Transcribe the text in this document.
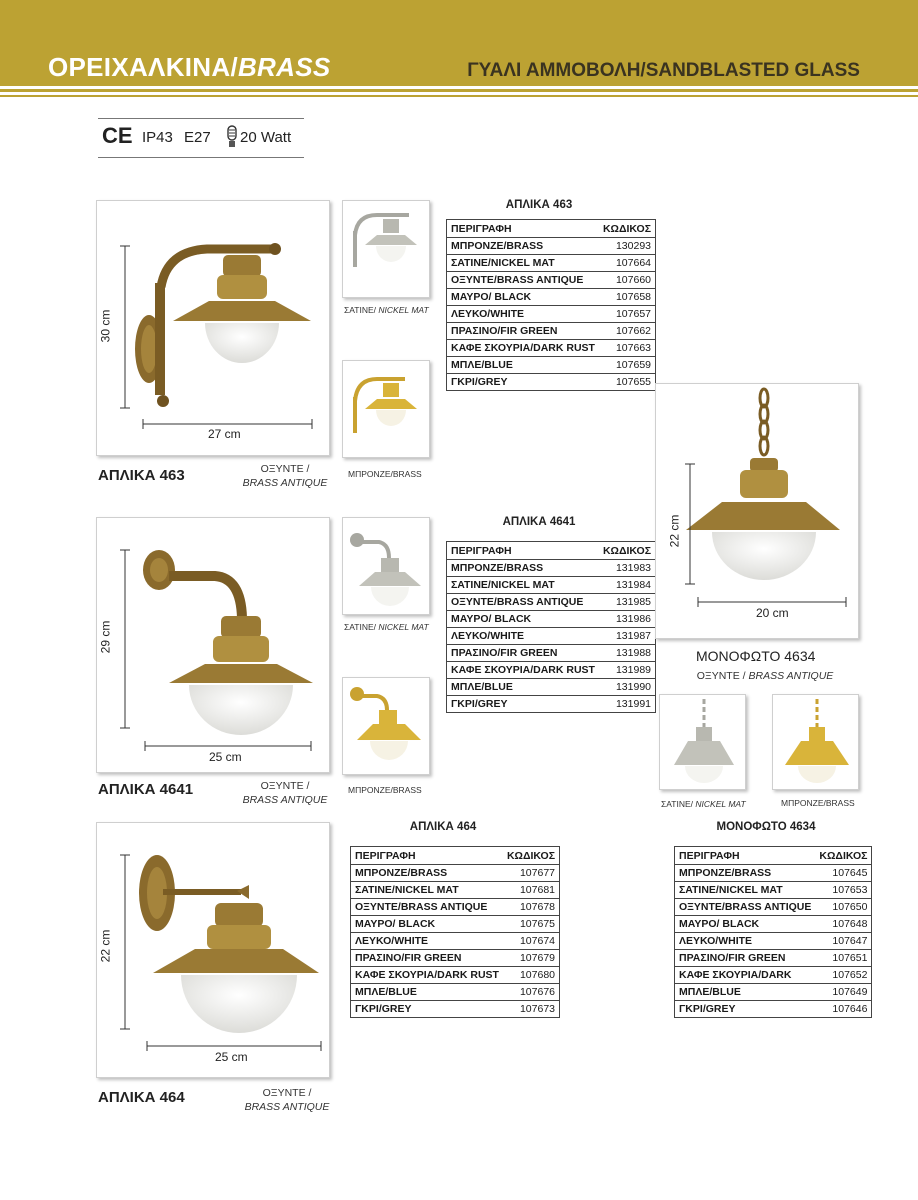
ΟΡΕΙΧΑΛΚΙΝΑ/BRASS	ΓΥΑΛΙ ΑΜΜΟΒΟΛΗ/SANDBLASTED GLASS
CE IP43 E27 20 Watt
30 cm
27 cm
ΣΑΤΙΝΕ/ NICKEL MAT
ΜΠΡΟΝΖΕ/BRASS
ΑΠΛΙΚΑ 463	ΟΞΥΝΤΕ /
BRASS ANTIQUE
ΑΠΛΙΚΑ 463
ΠΕΡΙΓΡΑΦΗ	ΚΩΔΙΚΟΣ
ΜΠΡΟΝΖΕ/BRASS	130293
ΣΑΤΙΝΕ/NICKEL MAT	107664
ΟΞΥΝΤΕ/BRASS ANTIQUE	107660
ΜΑΥΡΟ/ BLACK	107658
ΛΕΥΚΟ/WHITE	107657
ΠΡΑΣΙΝΟ/FIR GREEN	107662
ΚΑΦΕ ΣΚΟΥΡΙΑ/DARK RUST	107663
ΜΠΛΕ/BLUE	107659
ΓΚΡΙ/GREY	107655
29 cm
25 cm
ΣΑΤΙΝΕ/ NICKEL MAT
ΜΠΡΟΝΖΕ/BRASS
ΑΠΛΙΚΑ 4641	ΟΞΥΝΤΕ /
BRASS ANTIQUE
ΑΠΛΙΚΑ 4641
ΠΕΡΙΓΡΑΦΗ	ΚΩΔΙΚΟΣ
ΜΠΡΟΝΖΕ/BRASS	131983
ΣΑΤΙΝΕ/NICKEL MAT	131984
ΟΞΥΝΤΕ/BRASS ANTIQUE	131985
ΜΑΥΡΟ/ BLACK	131986
ΛΕΥΚΟ/WHITE	131987
ΠΡΑΣΙΝΟ/FIR GREEN	131988
ΚΑΦΕ ΣΚΟΥΡΙΑ/DARK RUST	131989
ΜΠΛΕ/BLUE	131990
ΓΚΡΙ/GREY	131991
22 cm
25 cm
ΑΠΛΙΚΑ 464	ΟΞΥΝΤΕ /
BRASS ANTIQUE
ΑΠΛΙΚΑ 464
ΠΕΡΙΓΡΑΦΗ	ΚΩΔΙΚΟΣ
ΜΠΡΟΝΖΕ/BRASS	107677
ΣΑΤΙΝΕ/NICKEL MAT	107681
ΟΞΥΝΤΕ/BRASS ANTIQUE	107678
ΜΑΥΡΟ/ BLACK	107675
ΛΕΥΚΟ/WHITE	107674
ΠΡΑΣΙΝΟ/FIR GREEN	107679
ΚΑΦΕ ΣΚΟΥΡΙΑ/DARK RUST	107680
ΜΠΛΕ/BLUE	107676
ΓΚΡΙ/GREY	107673
22 cm
20 cm
ΜΟΝΟΦΩΤΟ 4634
ΟΞΥΝΤΕ / BRASS ANTIQUE
ΣΑΤΙΝΕ/ NICKEL MAT	ΜΠΡΟΝΖΕ/BRASS
ΜΟΝΟΦΩΤΟ 4634
ΠΕΡΙΓΡΑΦΗ	ΚΩΔΙΚΟΣ
ΜΠΡΟΝΖΕ/BRASS	107645
ΣΑΤΙΝΕ/NICKEL MAT	107653
ΟΞΥΝΤΕ/BRASS ANTIQUE	107650
ΜΑΥΡΟ/ BLACK	107648
ΛΕΥΚΟ/WHITE	107647
ΠΡΑΣΙΝΟ/FIR GREEN	107651
ΚΑΦΕ ΣΚΟΥΡΙΑ/DARK	107652
ΜΠΛΕ/BLUE	107649
ΓΚΡΙ/GREY	107646
